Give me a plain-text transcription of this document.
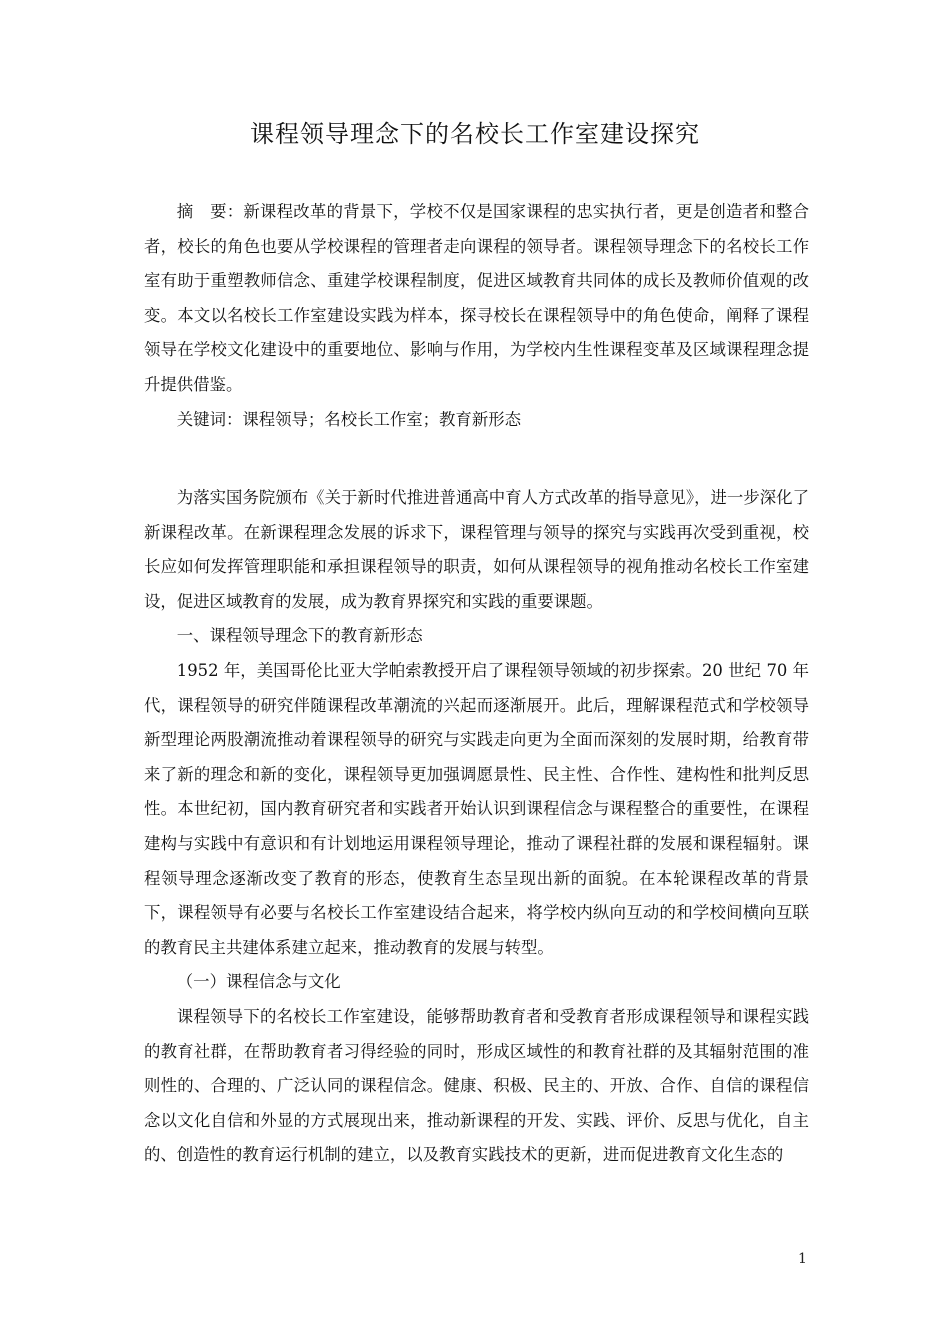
课程领导理念下的名校长工作室建设探究

摘　要：新课程改革的背景下，学校不仅是国家课程的忠实执行者，更是创造者和整合者，校长的角色也要从学校课程的管理者走向课程的领导者。课程领导理念下的名校长工作室有助于重塑教师信念、重建学校课程制度，促进区域教育共同体的成长及教师价值观的改变。本文以名校长工作室建设实践为样本，探寻校长在课程领导中的角色使命，阐释了课程领导在学校文化建设中的重要地位、影响与作用，为学校内生性课程变革及区域课程理念提升提供借鉴。

关键词：课程领导；名校长工作室；教育新形态

为落实国务院颁布《关于新时代推进普通高中育人方式改革的指导意见》，进一步深化了新课程改革。在新课程理念发展的诉求下，课程管理与领导的探究与实践再次受到重视，校长应如何发挥管理职能和承担课程领导的职责，如何从课程领导的视角推动名校长工作室建设，促进区域教育的发展，成为教育界探究和实践的重要课题。

一、课程领导理念下的教育新形态

1952 年，美国哥伦比亚大学帕索教授开启了课程领导领域的初步探索。20 世纪 70 年代，课程领导的研究伴随课程改革潮流的兴起而逐渐展开。此后，理解课程范式和学校领导新型理论两股潮流推动着课程领导的研究与实践走向更为全面而深刻的发展时期，给教育带来了新的理念和新的变化，课程领导更加强调愿景性、民主性、合作性、建构性和批判反思性。本世纪初，国内教育研究者和实践者开始认识到课程信念与课程整合的重要性，在课程建构与实践中有意识和有计划地运用课程领导理论，推动了课程社群的发展和课程辐射。课程领导理念逐渐改变了教育的形态，使教育生态呈现出新的面貌。在本轮课程改革的背景下，课程领导有必要与名校长工作室建设结合起来，将学校内纵向互动的和学校间横向互联的教育民主共建体系建立起来，推动教育的发展与转型。

（一）课程信念与文化

课程领导下的名校长工作室建设，能够帮助教育者和受教育者形成课程领导和课程实践的教育社群，在帮助教育者习得经验的同时，形成区域性的和教育社群的及其辐射范围的准则性的、合理的、广泛认同的课程信念。健康、积极、民主的、开放、合作、自信的课程信念以文化自信和外显的方式展现出来，推动新课程的开发、实践、评价、反思与优化，自主的、创造性的教育运行机制的建立，以及教育实践技术的更新，进而促进教育文化生态的

1
